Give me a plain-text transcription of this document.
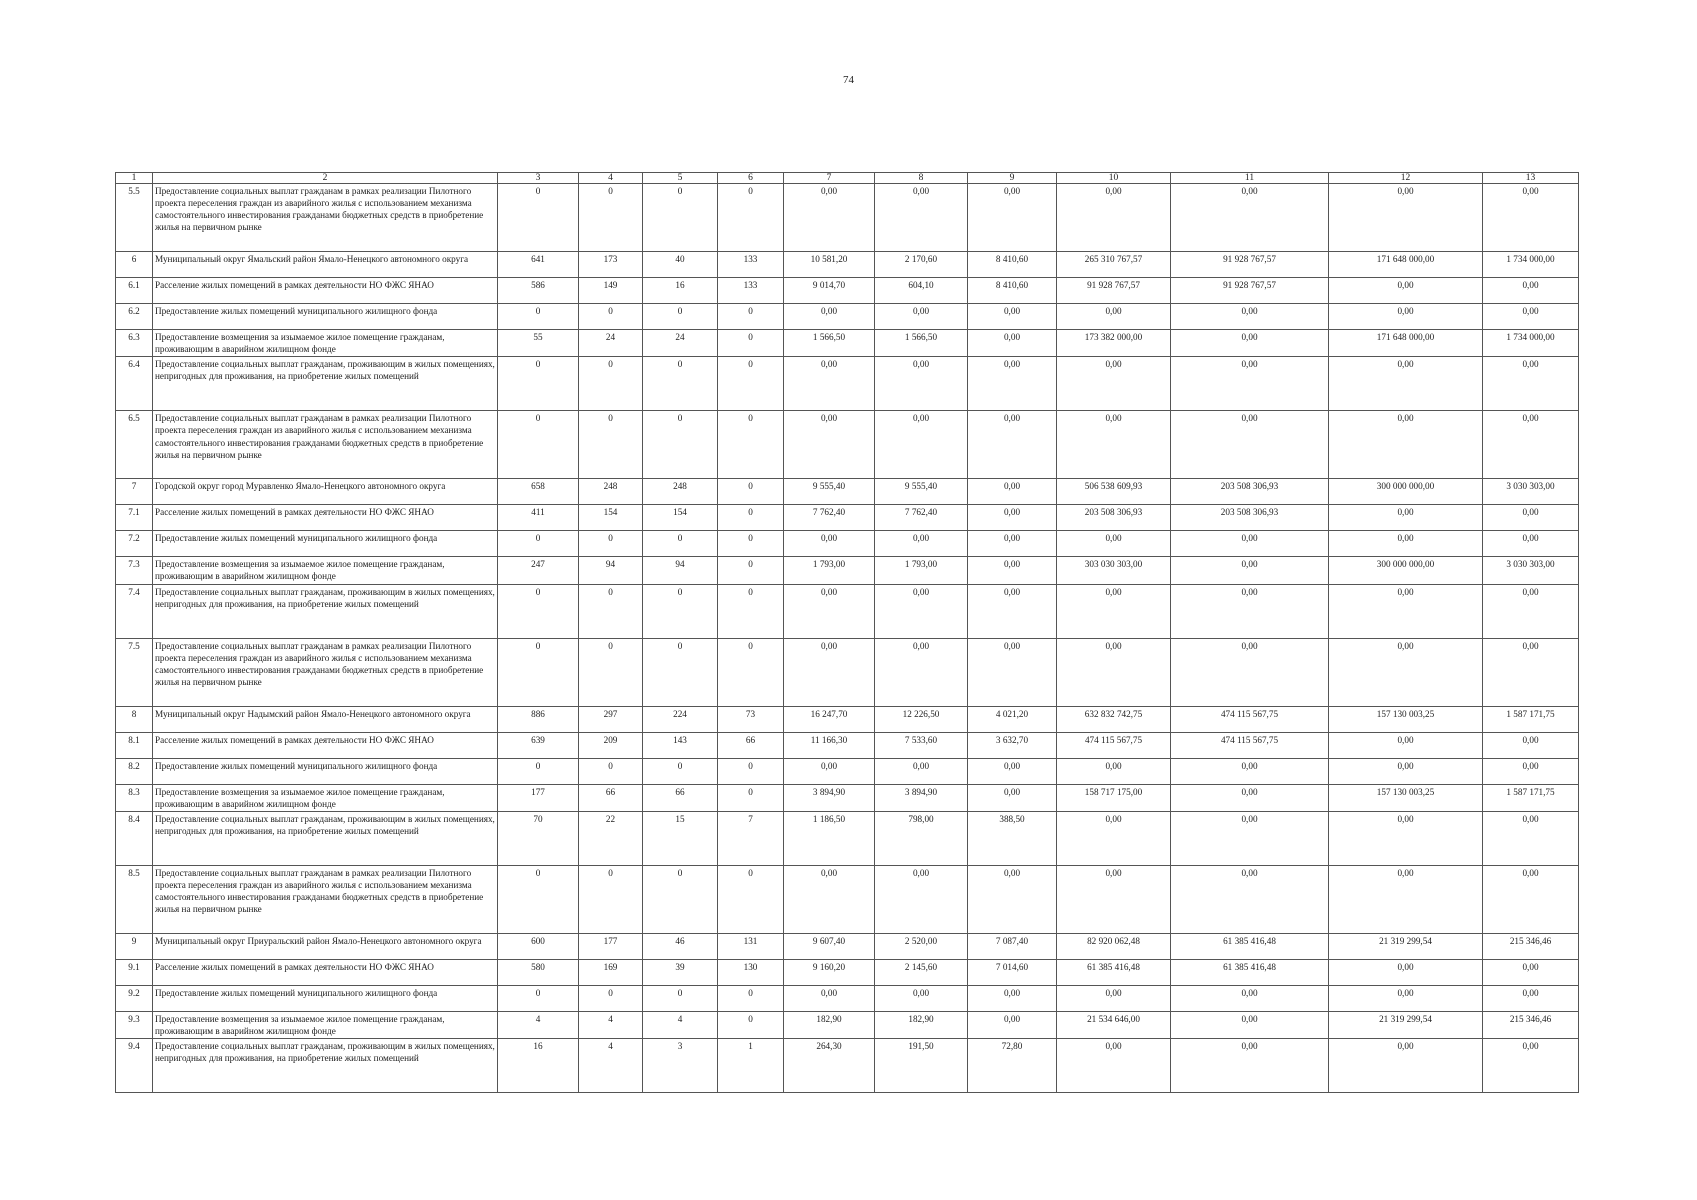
74
1	2	3	4	5	6	7	8	9	10	11	12	13
5.5	Предоставление социальных выплат гражданам в рамках реализации Пилотного проекта переселения граждан из аварийного жилья с использованием механизма самостоятельного инвестирования гражданами бюджетных средств в приобретение жилья на первичном рынке	0	0	0	0	0,00	0,00	0,00	0,00	0,00	0,00	0,00
6	Муниципальный округ Ямальский район Ямало-Ненецкого автономного округа	641	173	40	133	10 581,20	2 170,60	8 410,60	265 310 767,57	91 928 767,57	171 648 000,00	1 734 000,00
6.1	Расселение жилых помещений в рамках деятельности НО ФЖС ЯНАО	586	149	16	133	9 014,70	604,10	8 410,60	91 928 767,57	91 928 767,57	0,00	0,00
6.2	Предоставление жилых помещений муниципального жилищного фонда	0	0	0	0	0,00	0,00	0,00	0,00	0,00	0,00	0,00
6.3	Предоставление возмещения за изымаемое жилое помещение гражданам, проживающим в аварийном жилищном фонде	55	24	24	0	1 566,50	1 566,50	0,00	173 382 000,00	0,00	171 648 000,00	1 734 000,00
6.4	Предоставление социальных выплат гражданам, проживающим в жилых помещениях, непригодных для проживания, на приобретение жилых помещений	0	0	0	0	0,00	0,00	0,00	0,00	0,00	0,00	0,00
6.5	Предоставление социальных выплат гражданам в рамках реализации Пилотного проекта переселения граждан из аварийного жилья с использованием механизма самостоятельного инвестирования гражданами бюджетных средств в приобретение жилья на первичном рынке	0	0	0	0	0,00	0,00	0,00	0,00	0,00	0,00	0,00
7	Городской округ город Муравленко Ямало-Ненецкого автономного округа	658	248	248	0	9 555,40	9 555,40	0,00	506 538 609,93	203 508 306,93	300 000 000,00	3 030 303,00
7.1	Расселение жилых помещений в рамках деятельности НО ФЖС ЯНАО	411	154	154	0	7 762,40	7 762,40	0,00	203 508 306,93	203 508 306,93	0,00	0,00
7.2	Предоставление жилых помещений муниципального жилищного фонда	0	0	0	0	0,00	0,00	0,00	0,00	0,00	0,00	0,00
7.3	Предоставление возмещения за изымаемое жилое помещение гражданам, проживающим в аварийном жилищном фонде	247	94	94	0	1 793,00	1 793,00	0,00	303 030 303,00	0,00	300 000 000,00	3 030 303,00
7.4	Предоставление социальных выплат гражданам, проживающим в жилых помещениях, непригодных для проживания, на приобретение жилых помещений	0	0	0	0	0,00	0,00	0,00	0,00	0,00	0,00	0,00
7.5	Предоставление социальных выплат гражданам в рамках реализации Пилотного проекта переселения граждан из аварийного жилья с использованием механизма самостоятельного инвестирования гражданами бюджетных средств в приобретение жилья на первичном рынке	0	0	0	0	0,00	0,00	0,00	0,00	0,00	0,00	0,00
8	Муниципальный округ Надымский район Ямало-Ненецкого автономного округа	886	297	224	73	16 247,70	12 226,50	4 021,20	632 832 742,75	474 115 567,75	157 130 003,25	1 587 171,75
8.1	Расселение жилых помещений в рамках деятельности НО ФЖС ЯНАО	639	209	143	66	11 166,30	7 533,60	3 632,70	474 115 567,75	474 115 567,75	0,00	0,00
8.2	Предоставление жилых помещений муниципального жилищного фонда	0	0	0	0	0,00	0,00	0,00	0,00	0,00	0,00	0,00
8.3	Предоставление возмещения за изымаемое жилое помещение гражданам, проживающим в аварийном жилищном фонде	177	66	66	0	3 894,90	3 894,90	0,00	158 717 175,00	0,00	157 130 003,25	1 587 171,75
8.4	Предоставление социальных выплат гражданам, проживающим в жилых помещениях, непригодных для проживания, на приобретение жилых помещений	70	22	15	7	1 186,50	798,00	388,50	0,00	0,00	0,00	0,00
8.5	Предоставление социальных выплат гражданам в рамках реализации Пилотного проекта переселения граждан из аварийного жилья с использованием механизма самостоятельного инвестирования гражданами бюджетных средств в приобретение жилья на первичном рынке	0	0	0	0	0,00	0,00	0,00	0,00	0,00	0,00	0,00
9	Муниципальный округ Приуральский район Ямало-Ненецкого автономного округа	600	177	46	131	9 607,40	2 520,00	7 087,40	82 920 062,48	61 385 416,48	21 319 299,54	215 346,46
9.1	Расселение жилых помещений в рамках деятельности НО ФЖС ЯНАО	580	169	39	130	9 160,20	2 145,60	7 014,60	61 385 416,48	61 385 416,48	0,00	0,00
9.2	Предоставление жилых помещений муниципального жилищного фонда	0	0	0	0	0,00	0,00	0,00	0,00	0,00	0,00	0,00
9.3	Предоставление возмещения за изымаемое жилое помещение гражданам, проживающим в аварийном жилищном фонде	4	4	4	0	182,90	182,90	0,00	21 534 646,00	0,00	21 319 299,54	215 346,46
9.4	Предоставление социальных выплат гражданам, проживающим в жилых помещениях, непригодных для проживания, на приобретение жилых помещений	16	4	3	1	264,30	191,50	72,80	0,00	0,00	0,00	0,00
